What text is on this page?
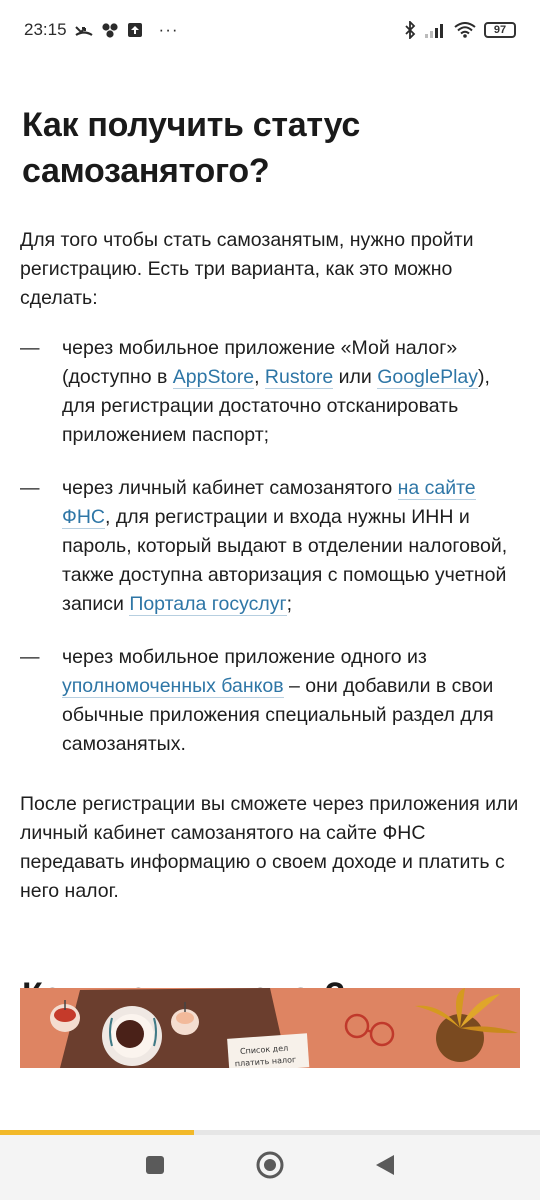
23:15	···	97
Как получить статус самозанятого?

Для того чтобы стать самозанятым, нужно пройти регистрацию. Есть три варианта, как это можно сделать:

— через мобильное приложение «Мой налог» (доступно в AppStore, Rustore или GooglePlay), для регистрации достаточно отсканировать приложением паспорт;
— через личный кабинет самозанятого на сайте ФНС, для регистрации и входа нужны ИНН и пароль, который выдают в отделении налоговой, также доступна авторизация с помощью учетной записи Портала госуслуг;
— через мобильное приложение одного из уполномоченных банков – они добавили в свои обычные приложения специальный раздел для самозанятых.

После регистрации вы сможете через приложения или личный кабинет самозанятого на сайте ФНС передавать информацию о своем доходе и платить с него налог.

Список дел
платить налог
